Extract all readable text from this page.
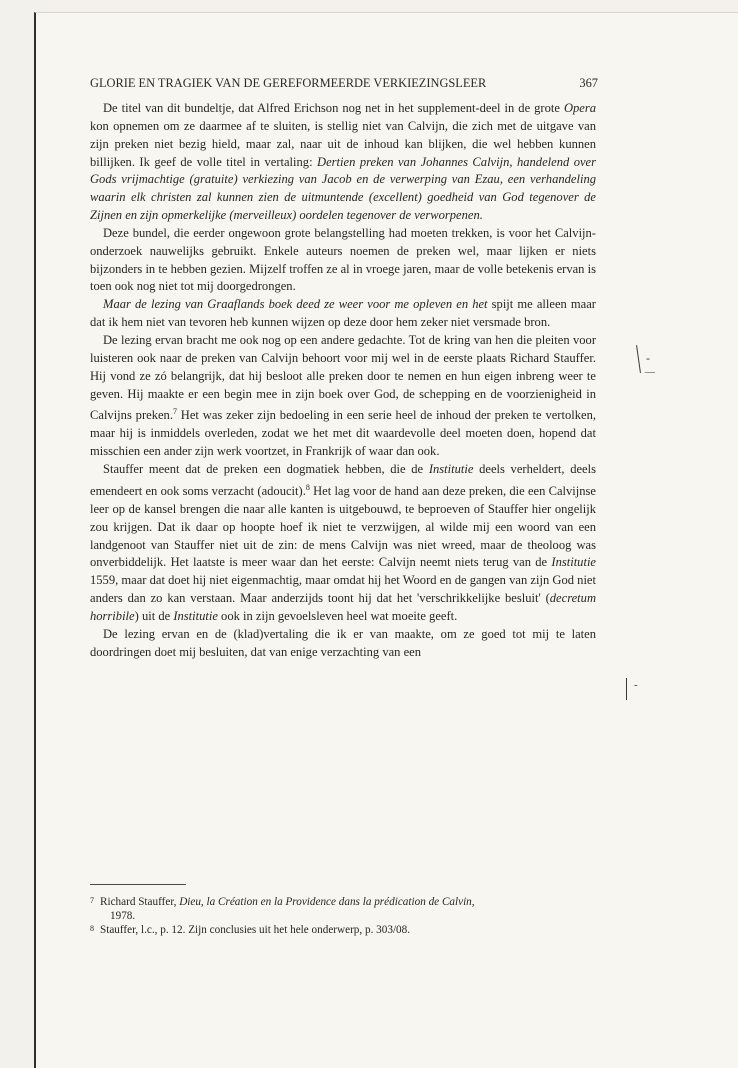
GLORIE EN TRAGIEK VAN DE GEREFORMEERDE VERKIEZINGSLEER	367

De titel van dit bundeltje, dat Alfred Erichson nog net in het supplement-deel in de grote Opera kon opnemen om ze daarmee af te sluiten, is stellig niet van Calvijn, die zich met de uitgave van zijn preken niet bezig hield, maar zal, naar uit de inhoud kan blijken, die wel hebben kunnen billijken. Ik geef de volle titel in vertaling: Dertien preken van Johannes Calvijn, handelend over Gods vrijmachtige (gratuite) verkiezing van Jacob en de verwerping van Ezau, een verhandeling waarin elk christen zal kunnen zien de uitmuntende (excellent) goedheid van God tegenover de Zijnen en zijn opmerkelijke (merveilleux) oordelen tegenover de verworpenen.

Deze bundel, die eerder ongewoon grote belangstelling had moeten trekken, is voor het Calvijn-onderzoek nauwelijks gebruikt. Enkele auteurs noemen de preken wel, maar lijken er niets bijzonders in te hebben gezien. Mijzelf troffen ze al in vroege jaren, maar de volle betekenis ervan is toen ook nog niet tot mij doorgedrongen.

Maar de lezing van Graaflands boek deed ze weer voor me opleven en het spijt me alleen maar dat ik hem niet van tevoren heb kunnen wijzen op deze door hem zeker niet versmade bron.

De lezing ervan bracht me ook nog op een andere gedachte. Tot de kring van hen die pleiten voor luisteren ook naar de preken van Calvijn behoort voor mij wel in de eerste plaats Richard Stauffer. Hij vond ze zó belangrijk, dat hij besloot alle preken door te nemen en hun eigen inbreng weer te geven. Hij maakte er een begin mee in zijn boek over God, de schepping en de voorzienigheid in Calvijns preken.$^7$ Het was zeker zijn bedoeling in een serie heel de inhoud der preken te vertolken, maar hij is inmiddels overleden, zodat we het met dit waardevolle deel moeten doen, hopend dat misschien een ander zijn werk voortzet, in Frankrijk of waar dan ook.

Stauffer meent dat de preken een dogmatiek hebben, die de Institutie deels verheldert, deels emendeert en ook soms verzacht (adoucit).$^8$ Het lag voor de hand aan deze preken, die een Calvijnse leer op de kansel brengen die naar alle kanten is uitgebouwd, te beproeven of Stauffer hier ongelijk zou krijgen. Dat ik daar op hoopte hoef ik niet te verzwijgen, al wilde mij een woord van een landgenoot van Stauffer niet uit de zin: de mens Calvijn was niet wreed, maar de theoloog was onverbiddelijk. Het laatste is meer waar dan het eerste: Calvijn neemt niets terug van de Institutie 1559, maar dat doet hij niet eigenmachtig, maar omdat hij het Woord en de gangen van zijn God niet anders dan zo kan verstaan. Maar anderzijds toont hij dat het 'verschrikkelijke besluit' (decretum horribile) uit de Institutie ook in zijn gevoelsleven heel wat moeite geeft.

De lezing ervan en de (klad)vertaling die ik er van maakte, om ze goed tot mij te laten doordringen doet mij besluiten, dat van enige verzachting van een

-
—
-
7 Richard Stauffer, Dieu, la Création en la Providence dans la prédication de Calvin,
1978.
8 Stauffer, l.c., p. 12. Zijn conclusies uit het hele onderwerp, p. 303/08.
